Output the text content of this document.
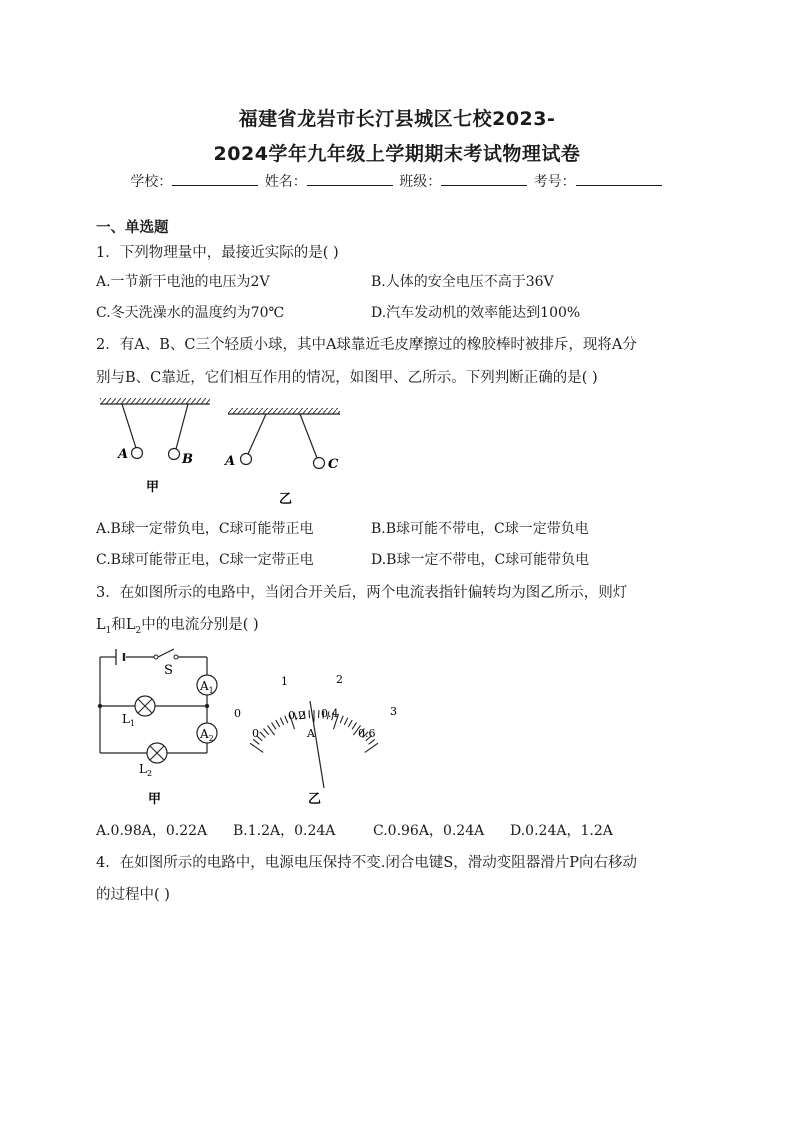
福建省龙岩市长汀县城区七校2023-
2024学年九年级上学期期末考试物理试卷
学校：	姓名：	班级：	考号：
一、单选题
1．下列物理量中，最接近实际的是( )
A.一节新干电池的电压为2V	B.人体的安全电压不高于36V
C.冬天洗澡水的温度约为70℃	D.汽车发动机的效率能达到100%
2．有A、B、C三个轻质小球，其中A球靠近毛皮摩擦过的橡胶棒时被排斥，现将A分
别与B、C靠近，它们相互作用的情况，如图甲、乙所示。下列判断正确的是( )
A	B A	C
甲
乙
A.B球一定带负电，C球可能带正电	B.B球可能不带电，C球一定带负电
C.B球可能带正电，C球一定带正电	D.B球一定不带电，C球可能带负电
3．在如图所示的电路中，当闭合开关后，两个电流表指针偏转均为图乙所示，则灯
$L_1$和$L_2$中的电流分别是( )
S
$A_1$
$A_2$
$L_1$
$L_2$
甲
0
1	2
3
0
0.2 0.4
0.6
A
乙
A.0.98A，0.22A B.1.2A，0.24A	C.0.96A，0.24A D.0.24A，1.2A
4．在如图所示的电路中，电源电压保持不变.闭合电键S，滑动变阻器滑片P向右移动
的过程中( )
